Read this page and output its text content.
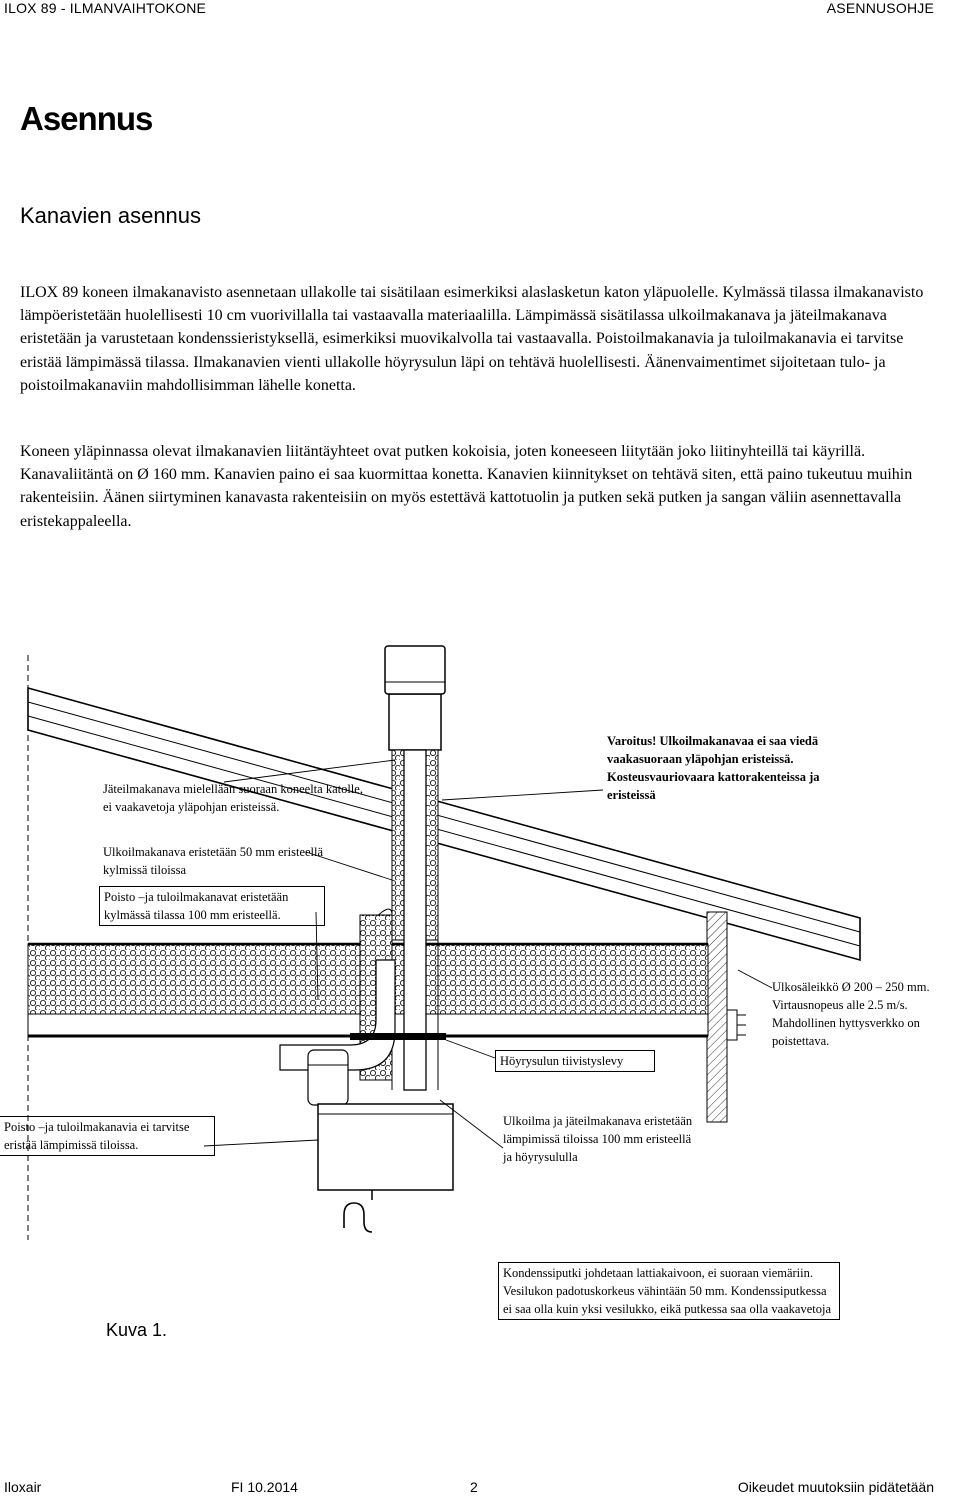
ILOX 89 - ILMANVAIHTOKONE	ASENNUSOHJE
Asennus
Kanavien asennus

ILOX 89 koneen ilmakanavisto asennetaan ullakolle tai sisätilaan esimerkiksi alaslasketun katon yläpuolelle. Kylmässä tilassa ilmakanavisto lämpöeristetään huolellisesti 10 cm vuorivillalla tai vastaavalla materiaalilla. Lämpimässä sisätilassa ulkoilmakanava ja jäteilmakanava eristetään ja varustetaan kondenssieristyksellä, esimerkiksi muovikalvolla tai vastaavalla. Poistoilmakanavia ja tuloilmakanavia ei tarvitse eristää lämpimässä tilassa. Ilmakanavien vienti ullakolle höyrysulun läpi on tehtävä huolellisesti. Äänenvaimentimet sijoitetaan tulo- ja poistoilmakanaviin mahdollisimman lähelle konetta.

Koneen yläpinnassa olevat ilmakanavien liitäntäyhteet ovat putken kokoisia, joten koneeseen liitytään joko liitinyhteillä tai käyrillä. Kanavaliitäntä on Ø 160 mm. Kanavien paino ei saa kuormittaa konetta. Kanavien kiinnitykset on tehtävä siten, että paino tukeutuu muihin rakenteisiin. Äänen siirtyminen kanavasta rakenteisiin on myös estettävä kattotuolin ja putken sekä putken ja sangan väliin asennettavalla eristekappaleella.

Jäteilmakanava mielellään suoraan koneelta katolle, ei vaakavetoja yläpohjan eristeissä.
Ulkoilmakanava eristetään 50 mm eristeellä kylmissä tiloissa
Poisto –ja tuloilmakanavat eristetään kylmässä tilassa 100 mm eristeellä.
Varoitus! Ulkoilmakanavaa ei saa viedä vaakasuoraan yläpohjan eristeissä. Kosteusvauriovaara kattorakenteissa ja eristeissä
Ulkosäleikkö Ø 200 – 250 mm. Virtausnopeus alle 2.5 m/s. Mahdollinen hyttysverkko on poistettava.
Höyrysulun tiivistyslevy
Poisto –ja tuloilmakanavia ei tarvitse eristää lämpimissä tiloissa.
Ulkoilma ja jäteilmakanava eristetään lämpimissä tiloissa 100 mm eristeellä ja höyrysululla
Kondenssiputki johdetaan lattiakaivoon, ei suoraan viemäriin. Vesilukon padotuskorkeus vähintään 50 mm. Kondenssiputkessa ei saa olla kuin yksi vesilukko, eikä putkessa saa olla vaakavetoja
Kuva 1.
Iloxair	FI 10.2014	2	Oikeudet muutoksiin pidätetään
